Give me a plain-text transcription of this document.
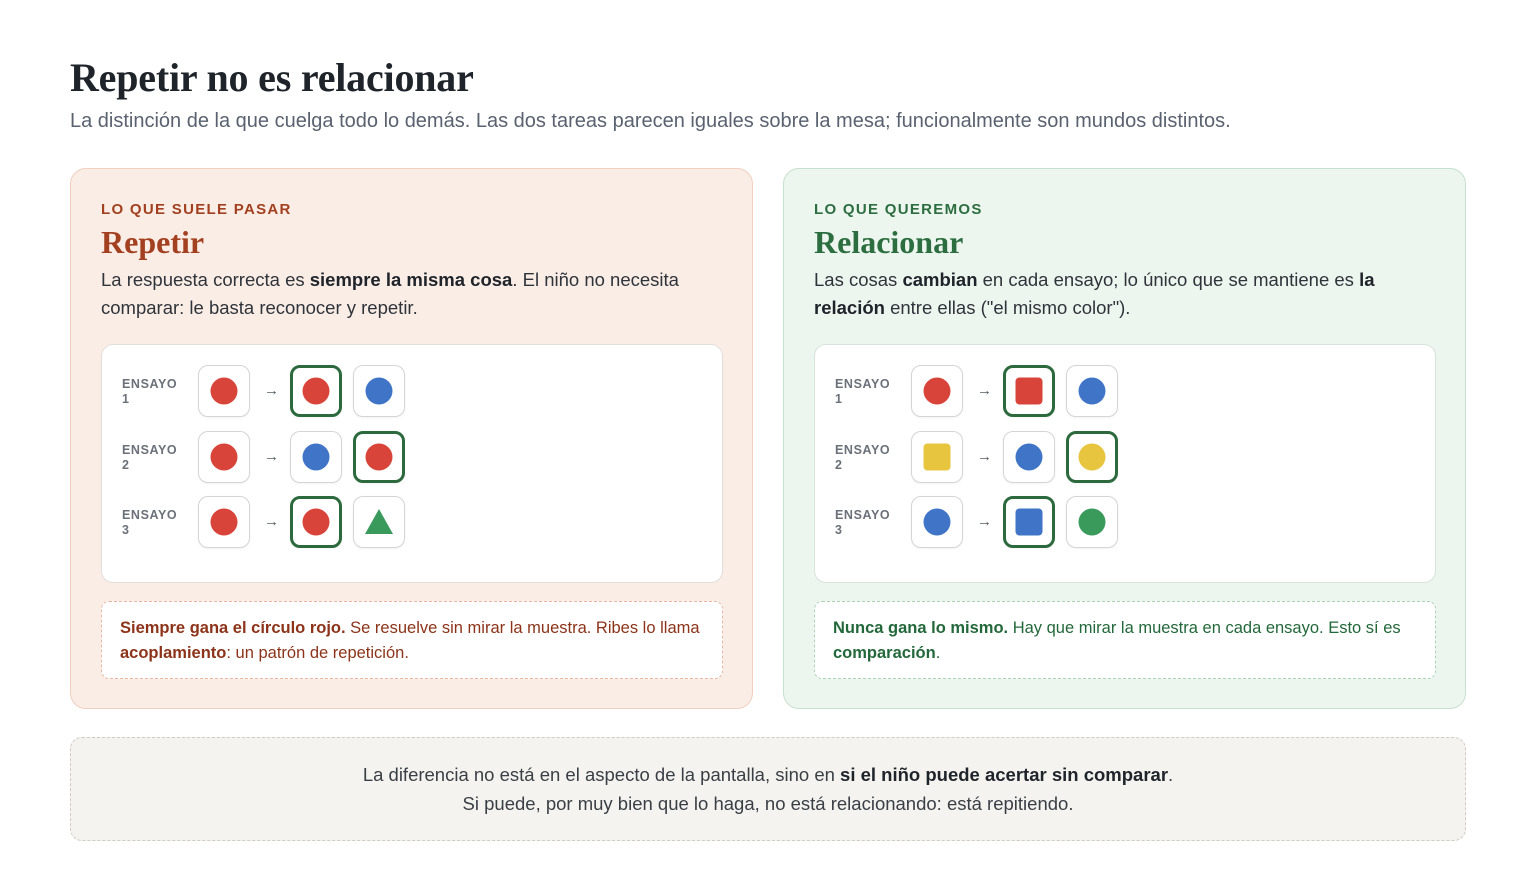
Repetir no es relacionar

La distinción de la que cuelga todo lo demás. Las dos tareas parecen iguales sobre la mesa; funcionalmente son mundos distintos.

LO QUE SUELE PASAR
Repetir

La respuesta correcta es siempre la misma cosa. El niño no necesita comparar: le basta reconocer y repetir.

ENSAYO
1	→
ENSAYO
2	→
ENSAYO
3	→
Siempre gana el círculo rojo. Se resuelve sin mirar la muestra. Ribes lo llama acoplamiento: un patrón de repetición.
LO QUE QUEREMOS
Relacionar

Las cosas cambian en cada ensayo; lo único que se mantiene es la relación entre ellas ("el mismo color").

ENSAYO
1	→
ENSAYO
2	→
ENSAYO
3	→
Nunca gana lo mismo. Hay que mirar la muestra en cada ensayo. Esto sí es comparación.
La diferencia no está en el aspecto de la pantalla, sino en si el niño puede acertar sin comparar.
Si puede, por muy bien que lo haga, no está relacionando: está repitiendo.
